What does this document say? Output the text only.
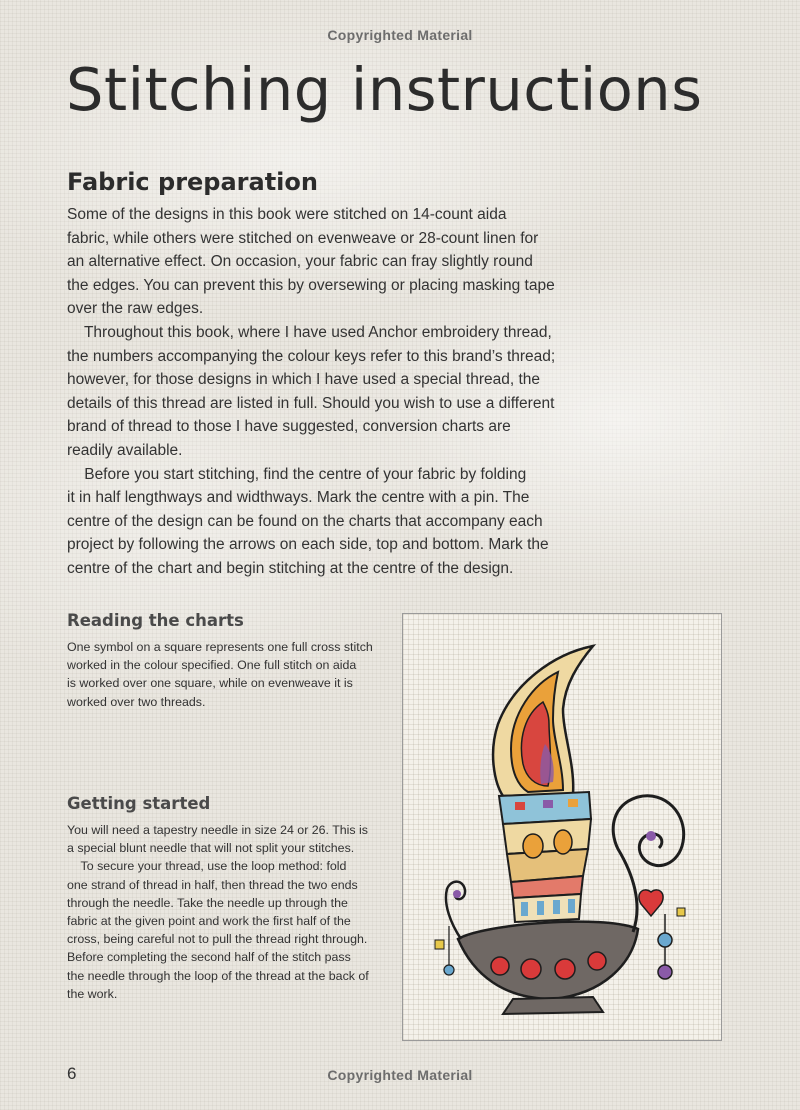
Copyrighted Material
Stitching instructions
Fabric preparation
Some of the designs in this book were stitched on 14-count aida
fabric, while others were stitched on evenweave or 28-count linen for
an alternative effect. On occasion, your fabric can fray slightly round
the edges. You can prevent this by oversewing or placing masking tape
over the raw edges.
Throughout this book, where I have used Anchor embroidery thread,
the numbers accompanying the colour keys refer to this brand’s thread;
however, for those designs in which I have used a special thread, the
details of this thread are listed in full. Should you wish to use a different
brand of thread to those I have suggested, conversion charts are
readily available.
Before you start stitching, find the centre of your fabric by folding
it in half lengthways and widthways. Mark the centre with a pin. The
centre of the design can be found on the charts that accompany each
project by following the arrows on each side, top and bottom. Mark the
centre of the chart and begin stitching at the centre of the design.
Reading the charts
One symbol on a square represents one full cross stitch
worked in the colour specified. One full stitch on aida
is worked over one square, while on evenweave it is
worked over two threads.
Getting started
You will need a tapestry needle in size 24 or 26. This is
a special blunt needle that will not split your stitches.
To secure your thread, use the loop method: fold
one strand of thread in half, then thread the two ends
through the needle. Take the needle up through the
fabric at the given point and work the first half of the
cross, being careful not to pull the thread right through.
Before completing the second half of the stitch pass
the needle through the loop of the thread at the back of
the work.
6	Copyrighted Material
